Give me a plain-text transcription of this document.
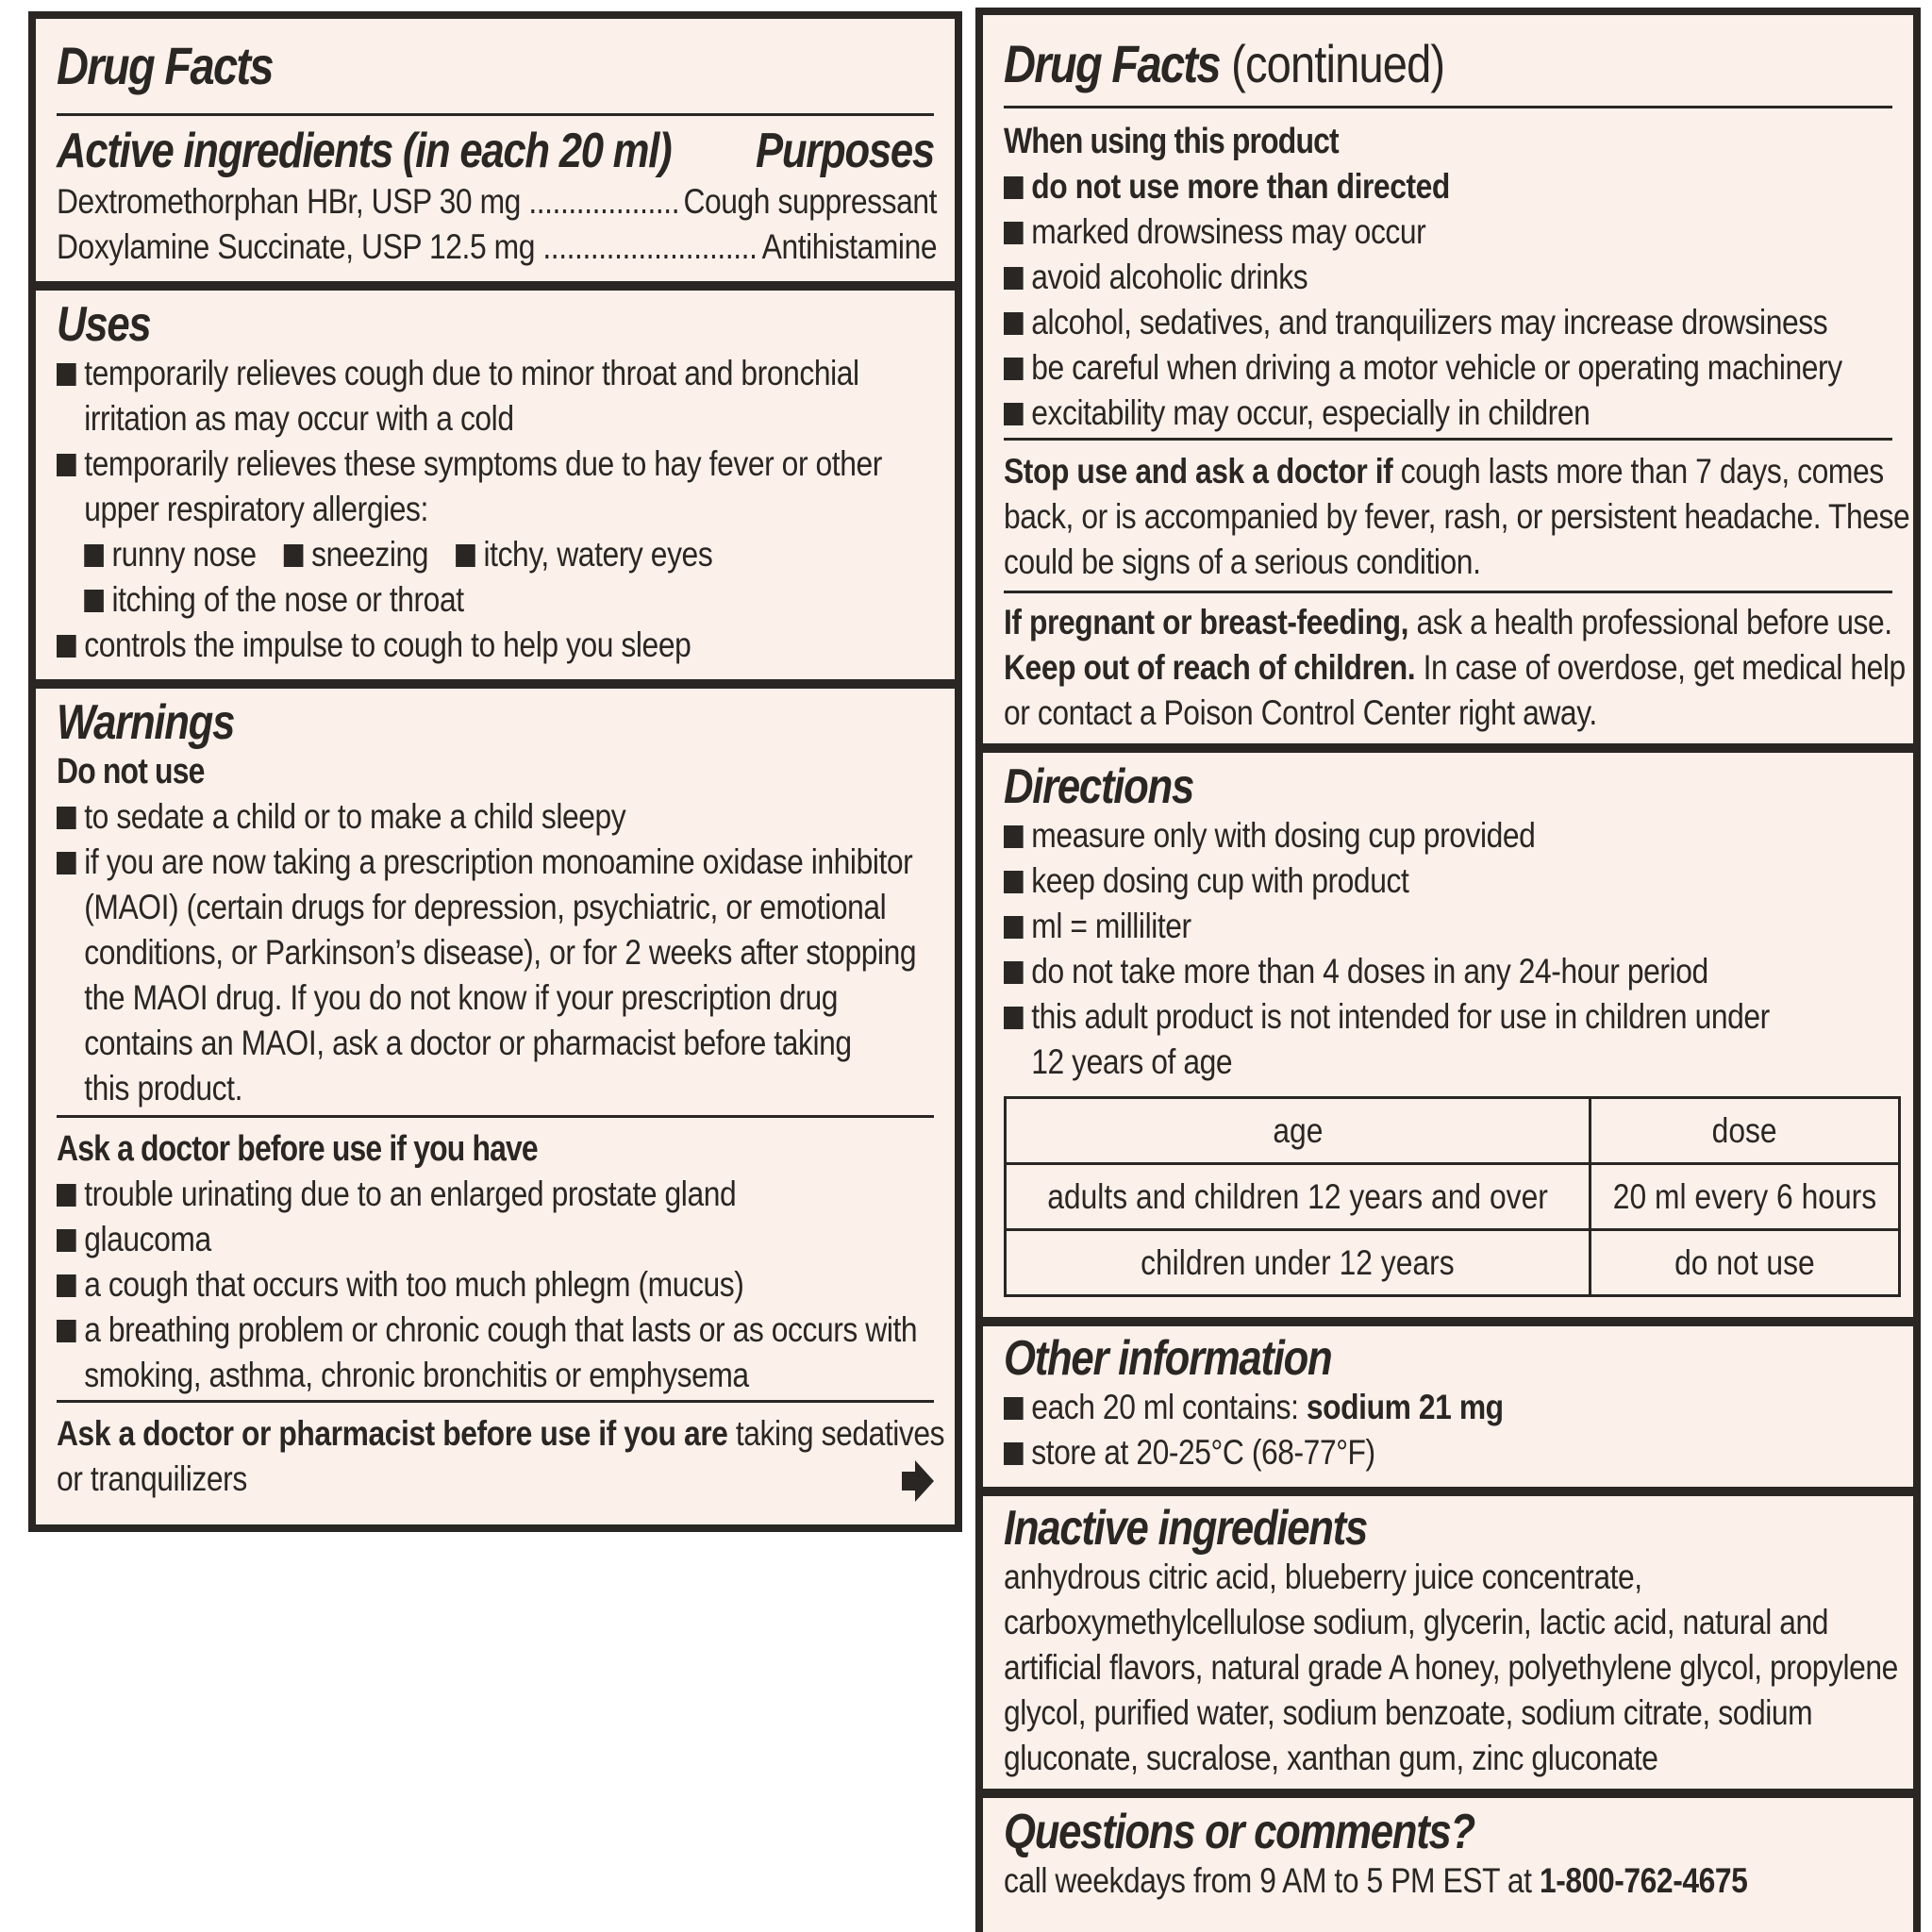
Drug Facts
Active ingredients (in each 20 ml) Purposes
Dextromethorphan HBr, USP 30 mg ................... Cough suppressant
Doxylamine Succinate, USP 12.5 mg ........................... Antihistamine
Uses
temporarily relieves cough due to minor throat and bronchial
irritation as may occur with a cold
temporarily relieves these symptoms due to hay fever or other
upper respiratory allergies:
runny nose sneezing itchy, watery eyes
itching of the nose or throat
controls the impulse to cough to help you sleep
Warnings
Do not use
to sedate a child or to make a child sleepy
if you are now taking a prescription monoamine oxidase inhibitor
(MAOI) (certain drugs for depression, psychiatric, or emotional
conditions, or Parkinson’s disease), or for 2 weeks after stopping
the MAOI drug. If you do not know if your prescription drug
contains an MAOI, ask a doctor or pharmacist before taking
this product.
Ask a doctor before use if you have
trouble urinating due to an enlarged prostate gland
glaucoma
a cough that occurs with too much phlegm (mucus)
a breathing problem or chronic cough that lasts or as occurs with
smoking, asthma, chronic bronchitis or emphysema
Ask a doctor or pharmacist before use if you are taking sedatives
or tranquilizers
Drug Facts (continued)
When using this product
do not use more than directed
marked drowsiness may occur
avoid alcoholic drinks
alcohol, sedatives, and tranquilizers may increase drowsiness
be careful when driving a motor vehicle or operating machinery
excitability may occur, especially in children
Stop use and ask a doctor if cough lasts more than 7 days, comes
back, or is accompanied by fever, rash, or persistent headache. These
could be signs of a serious condition.
If pregnant or breast-feeding, ask a health professional before use.
Keep out of reach of children. In case of overdose, get medical help
or contact a Poison Control Center right away.
Directions
measure only with dosing cup provided
keep dosing cup with product
ml = milliliter
do not take more than 4 doses in any 24-hour period
this adult product is not intended for use in children under
12 years of age
age	dose
adults and children 12 years and over	20 ml every 6 hours
children under 12 years	do not use
Other information
each 20 ml contains: sodium 21 mg
store at 20-25°C (68-77°F)
Inactive ingredients
anhydrous citric acid, blueberry juice concentrate,
carboxymethylcellulose sodium, glycerin, lactic acid, natural and
artificial flavors, natural grade A honey, polyethylene glycol, propylene
glycol, purified water, sodium benzoate, sodium citrate, sodium
gluconate, sucralose, xanthan gum, zinc gluconate
Questions or comments?
call weekdays from 9 AM to 5 PM EST at 1-800-762-4675
